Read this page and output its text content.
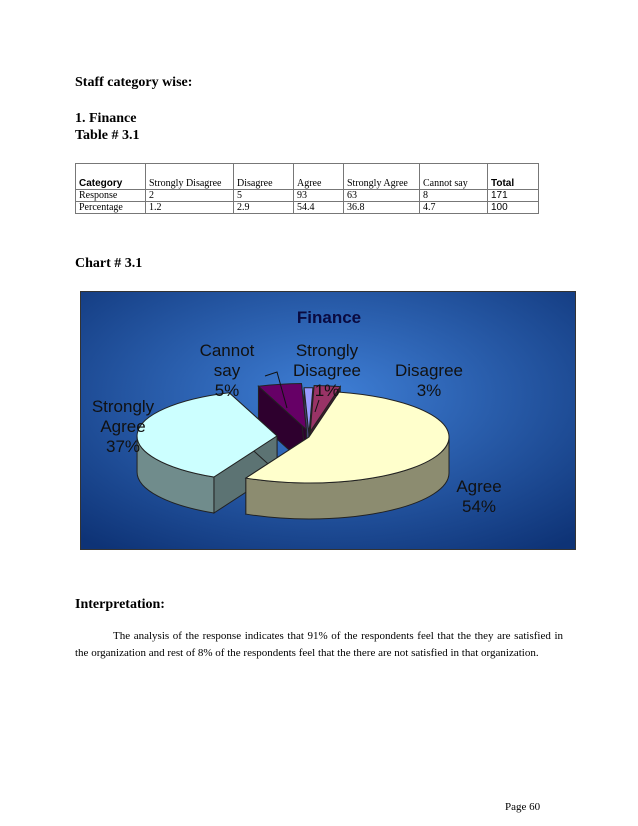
Staff category wise:
1. Finance
Table # 3.1
Category	Strongly Disagree	Disagree	Agree	Strongly Agree	Cannot say	Total
Response	2	5	93	63	8	171
Percentage	1.2	2.9	54.4	36.8	4.7	100
Chart # 3.1
Finance
Strongly Disagree 1%
Disagree 3%
Agree 54%
Strongly Agree 37%
Cannot say 5%
Interpretation:
The analysis of the response indicates that 91% of the respondents feel that the they are satisfied in the organization and rest of 8% of the respondents feel that the there are not satisfied in that organization.
Page 60
